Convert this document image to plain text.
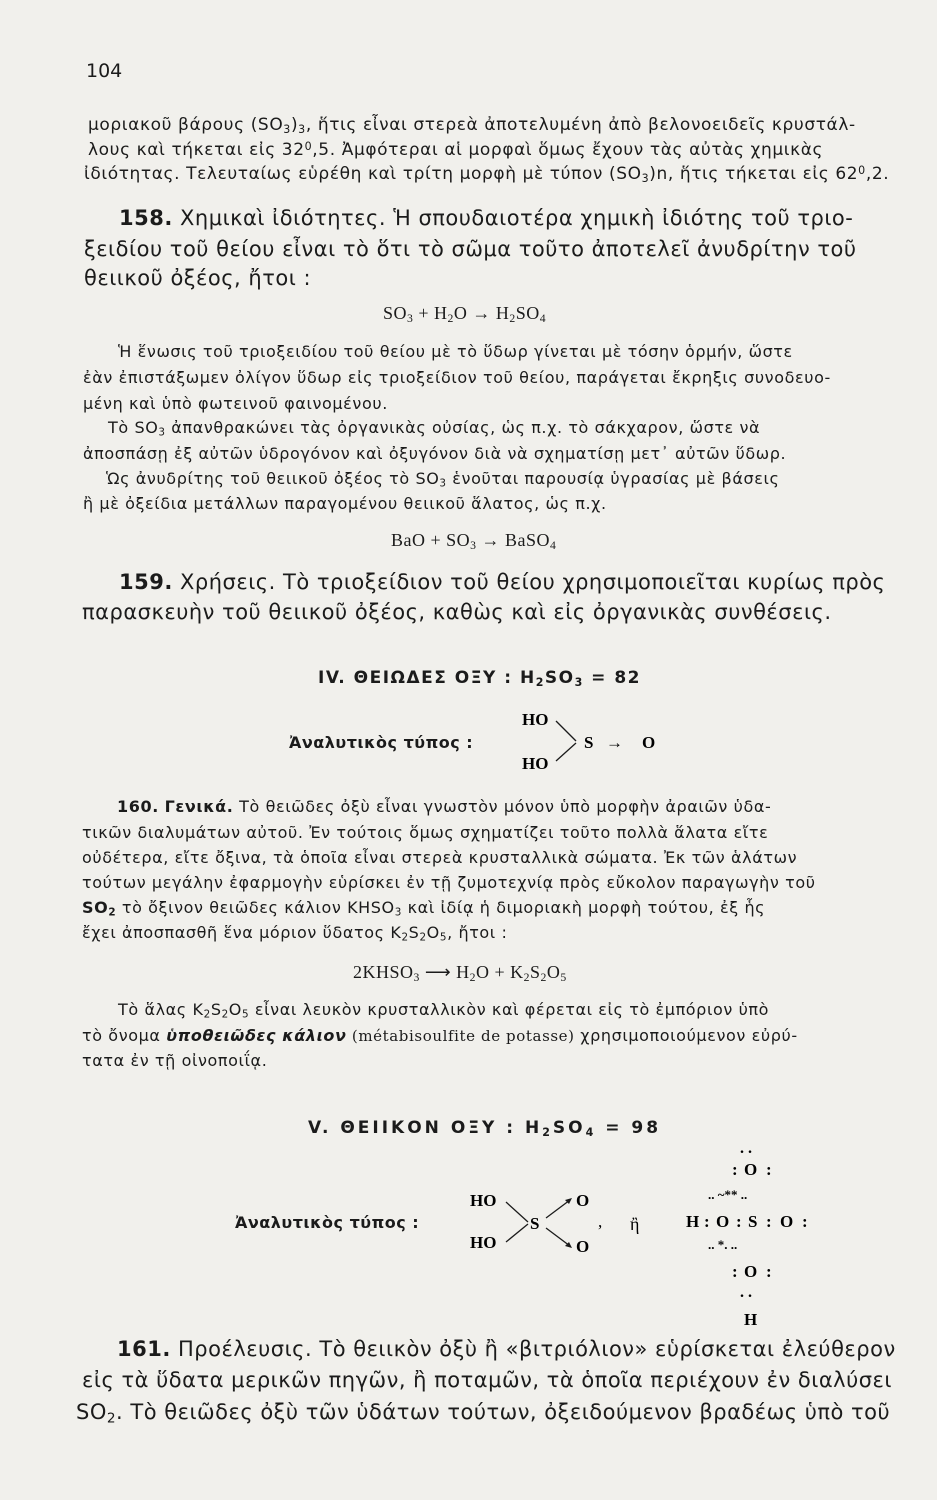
104
μοριακοῦ βάρους $(SO_3)_3$, ἥτις εἶναι στερεὰ ἀποτελυμένη ἀπὸ βελονοειδεῖς κρυστάλ-
λους καὶ τήκεται εἰς $32^0,5$. Ἀμφότεραι αἱ μορφαὶ ὅμως ἔχουν τὰς αὐτὰς χημικὰς
ἰδιότητας. Τελευταίως εὑρέθη καὶ τρίτη μορφὴ μὲ τύπον $(SO_3)n$, ἥτις τήκεται εἰς $62^0,2$.
158. Χημικαὶ ἰδιότητες. Ἡ σπουδαιοτέρα χημικὴ ἰδιότης τοῦ τριο-
ξειδίου τοῦ θείου εἶναι τὸ ὅτι τὸ σῶμα τοῦτο ἀποτελεῖ ἀνυδρίτην τοῦ
θειικοῦ ὀξέος, ἤτοι :
$SO_3 + H_2O \to H_2SO_4$
Ἡ ἕνωσις τοῦ τριοξειδίου τοῦ θείου μὲ τὸ ὕδωρ γίνεται μὲ τόσην ὁρμήν, ὥστε
ἐὰν ἐπιστάξωμεν ὀλίγον ὕδωρ εἰς τριοξείδιον τοῦ θείου, παράγεται ἔκρηξις συνοδευο-
μένη καὶ ὑπὸ φωτεινοῦ φαινομένου.
Τὸ $SO_3$ ἀπανθρακώνει τὰς ὀργανικὰς οὐσίας, ὡς π.χ. τὸ σάκχαρον, ὥστε νὰ
ἀποσπάσῃ ἐξ αὐτῶν ὑδρογόνον καὶ ὀξυγόνον διὰ νὰ σχηματίσῃ μετ᾿ αὐτῶν ὕδωρ.
Ὡς ἀνυδρίτης τοῦ θειικοῦ ὀξέος τὸ $SO_3$ ἑνοῦται παρουσίᾳ ὑγρασίας μὲ βάσεις
ἢ μὲ ὀξείδια μετάλλων παραγομένου θειικοῦ ἅλατος, ὡς π.χ.
BaO + $SO_3$ → BaSO$_4$
159. Χρήσεις. Τὸ τριοξείδιον τοῦ θείου χρησιμοποιεῖται κυρίως πρὸς
παρασκευὴν τοῦ θειικοῦ ὀξέος, καθὼς καὶ εἰς ὀργανικὰς συνθέσεις.
IV. ΘΕΙΩΔΕΣ ΟΞΥ : $H_2SO_3 = 82$
Ἀναλυτικὸς τύπος :
HO
HO
S → O
160. Γενικά. Τὸ θειῶδες ὀξὺ εἶναι γνωστὸν μόνον ὑπὸ μορφὴν ἀραιῶν ὑδα-
τικῶν διαλυμάτων αὐτοῦ. Ἐν τούτοις ὅμως σχηματίζει τοῦτο πολλὰ ἅλατα εἴτε
οὐδέτερα, εἴτε ὄξινα, τὰ ὁποῖα εἶναι στερεὰ κρυσταλλικὰ σώματα. Ἐκ τῶν ἁλάτων
τούτων μεγάλην ἐφαρμογὴν εὑρίσκει ἐν τῇ ζυμοτεχνίᾳ πρὸς εὔκολον παραγωγὴν τοῦ
$SO_2$ τὸ ὄξινον θειῶδες κάλιον $KHSO_3$ καὶ ἰδίᾳ ἡ διμοριακὴ μορφὴ τούτου, ἐξ ἧς
ἔχει ἀποσπασθῆ ἕνα μόριον ὕδατος $K_2S_2O_5$, ἤτοι :
$2KHSO_3$ ⟶ $H_2O + K_2S_2O_5$
Τὸ ἅλας $K_2S_2O_5$ εἶναι λευκὸν κρυσταλλικὸν καὶ φέρεται εἰς τὸ ἐμπόριον ὑπὸ
τὸ ὄνομα ὑποθειῶδες κάλιον (métabisoulfite de potasse) χρησιμοποιούμενον εὐρύ-
τατα ἐν τῇ οἰνοποιΐᾳ.
V. ΘΕΙΙΚΟΝ ΟΞΥ : $H_2SO_4 = 98$
Ἀναλυτικὸς τύπος :
HO
HO
S
O
O
, ἢ
. .
: O :
.. ~** ..
H : O : S : O :
.. *. ..
: O :
. .
H
161. Προέλευσις. Τὸ θειικὸν ὀξὺ ἢ «βιτριόλιον» εὑρίσκεται ἐλεύθερον
εἰς τὰ ὕδατα μερικῶν πηγῶν, ἢ ποταμῶν, τὰ ὁποῖα περιέχουν ἐν διαλύσει
$SO_2$. Τὸ θειῶδες ὀξὺ τῶν ὑδάτων τούτων, ὀξειδούμενον βραδέως ὑπὸ τοῦ
